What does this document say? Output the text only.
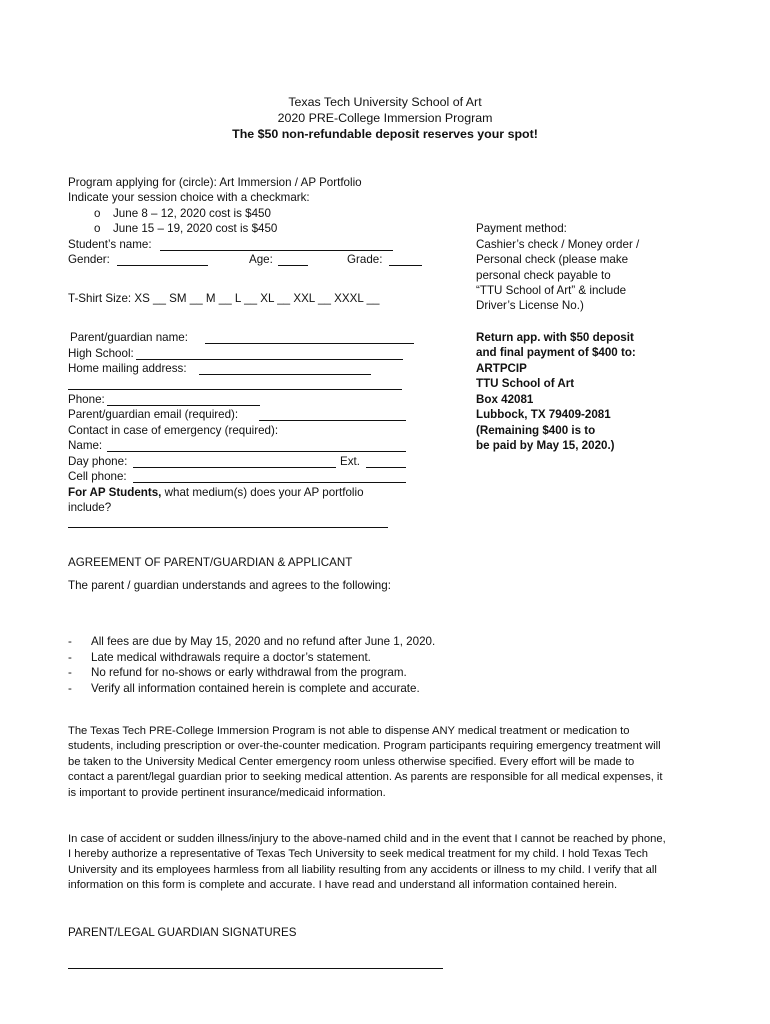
Texas Tech University School of Art
2020 PRE-College Immersion Program
The $50 non-refundable deposit reserves your spot!
Program applying for (circle): Art Immersion / AP Portfolio
Indicate your session choice with a checkmark:
o June 8 – 12, 2020 cost is $450
o June 15 – 19, 2020 cost is $450
Student’s name:
Gender:	Age:	Grade:
T-Shirt Size: XS __ SM __ M __ L __ XL __ XXL __ XXXL __
Parent/guardian name:
High School:
Home mailing address:
Phone:
Parent/guardian email (required):
Contact in case of emergency (required):
Name:
Day phone:	Ext.
Cell phone:
For AP Students, what medium(s) does your AP portfolio
include?
Payment method:
Cashier’s check / Money order /
Personal check (please make
personal check payable to
“TTU School of Art” & include
Driver’s License No.)
Return app. with $50 deposit
and final payment of $400 to:
ARTPCIP
TTU School of Art
Box 42081
Lubbock, TX 79409-2081
(Remaining $400 is to
be paid by May 15, 2020.)
AGREEMENT OF PARENT/GUARDIAN & APPLICANT
The parent / guardian understands and agrees to the following:
- All fees are due by May 15, 2020 and no refund after June 1, 2020.
- Late medical withdrawals require a doctor’s statement.
- No refund for no-shows or early withdrawal from the program.
- Verify all information contained herein is complete and accurate.
The Texas Tech PRE-College Immersion Program is not able to dispense ANY medical treatment or medication to students, including prescription or over-the-counter medication. Program participants requiring emergency treatment will be taken to the University Medical Center emergency room unless otherwise specified. Every effort will be made to contact a parent/legal guardian prior to seeking medical attention. As parents are responsible for all medical expenses, it is important to provide pertinent insurance/medicaid information.
In case of accident or sudden illness/injury to the above-named child and in the event that I cannot be reached by phone, I hereby authorize a representative of Texas Tech University to seek medical treatment for my child. I hold Texas Tech University and its employees harmless from all liability resulting from any accidents or illness to my child. I verify that all information on this form is complete and accurate. I have read and understand all information contained herein.
PARENT/LEGAL GUARDIAN SIGNATURES
